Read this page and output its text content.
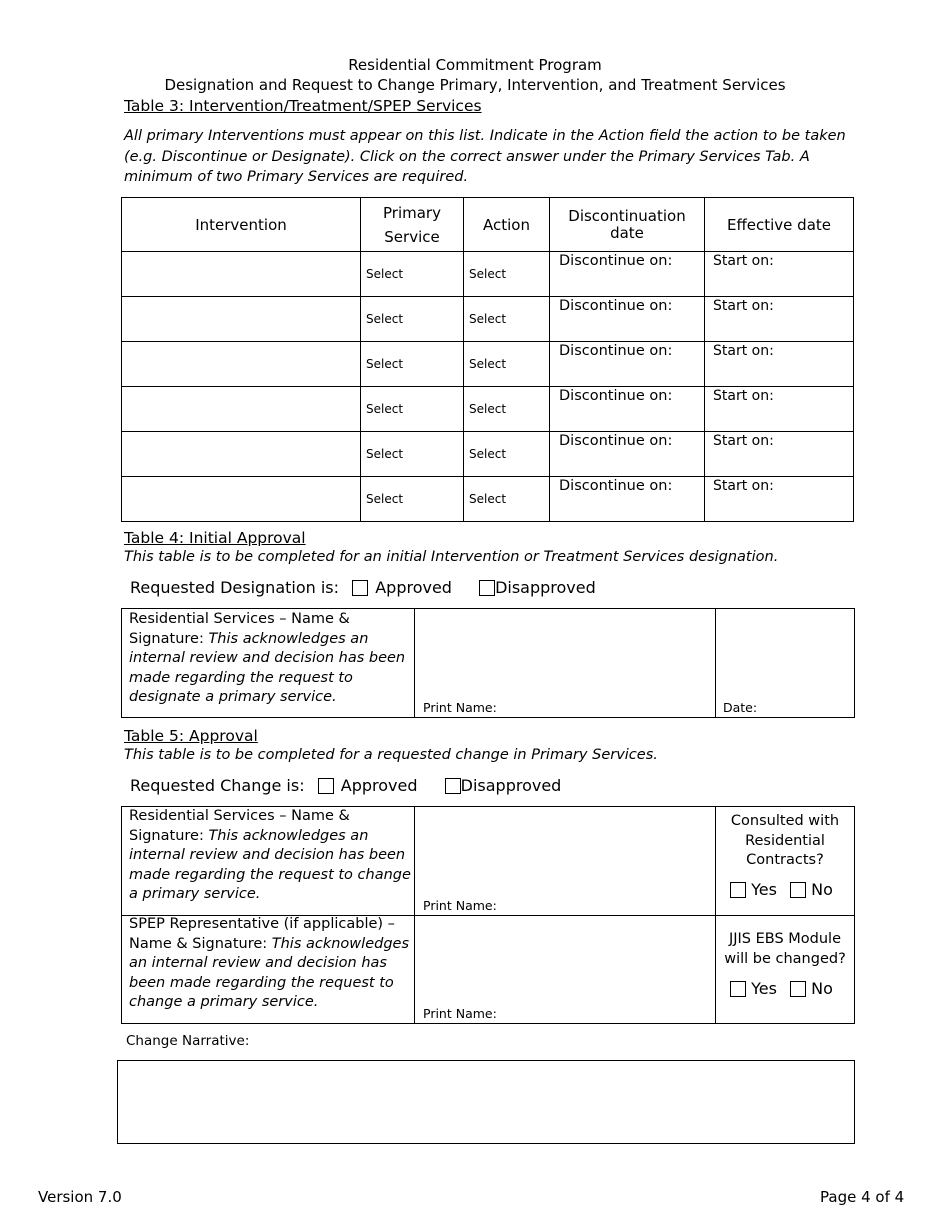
Residential Commitment Program
Designation and Request to Change Primary, Intervention, and Treatment Services
Table 3: Intervention/Treatment/SPEP Services
All primary Interventions must appear on this list. Indicate in the Action field the action to be taken (e.g. Discontinue or Designate). Click on the correct answer under the Primary Services Tab. A minimum of two Primary Services are required.
Intervention	Primary Service	Action	Discontinuation date	Effective date

	Select	Select	Discontinue on:	Start on:

	Select	Select	Discontinue on:	Start on:

	Select	Select	Discontinue on:	Start on:

	Select	Select	Discontinue on:	Start on:

	Select	Select	Discontinue on:	Start on:

	Select	Select	Discontinue on:	Start on:
Table 4: Initial Approval
This table is to be completed for an initial Intervention or Treatment Services designation.
Requested Designation is: Approved	Disapproved
Residential Services – Name & Signature: This acknowledges an internal review and decision has been made regarding the request to designate a primary service.
Print Name:	Date:
Table 5: Approval
This table is to be completed for a requested change in Primary Services.
Requested Change is: Approved	Disapproved
Residential Services – Name & Signature: This acknowledges an internal review and decision has been made regarding the request to change a primary service.
Print Name:
Consulted with Residential Contracts?
Yes No
SPEP Representative (if applicable) – Name & Signature: This acknowledges an internal review and decision has been made regarding the request to change a primary service.
Print Name:
JJIS EBS Module will be changed?
Yes No
Change Narrative:
Version 7.0	Page 4 of 4
